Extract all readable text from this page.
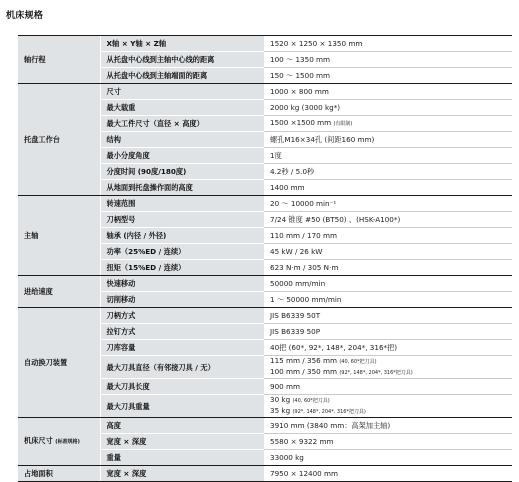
机床规格
轴行程	X轴 × Y轴 × Z轴	1520 × 1250 × 1350 mm

	从托盘中心线到主轴中心线的距离	100 ～ 1350 mm

	从托盘中心线到主轴端面的距离	150 ～ 1500 mm

托盘工作台	尺寸	1000 × 800 mm

	最大载重	2000 kg (3000 kg*)

	最大工件尺寸（直径 × 高度）	1500 ×1500 mm (有限制)

	结构	螺孔M16×34孔 (间距160 mm)

	最小分度角度	1度

	分度时间 (90度/180度)	4.2秒 / 5.0秒

	从地面到托盘操作面的高度	1400 mm

主轴	转速范围	20 ～ 10000 min⁻¹

	刀柄型号	7/24 锥度 #50 (BT50) 、(HSK-A100*)

	轴承 (内径 / 外径)	110 mm / 170 mm

	功率（25%ED / 连续）	45 kW / 26 kW

	扭矩（15%ED / 连续）	623 N·m / 305 N·m

进给速度	快速移动	50000 mm/min

	切削移动	1 ～ 50000 mm/min

自动换刀装置	刀柄方式	JIS B6339 50T

	拉钉方式	JIS B6339 50P

	刀库容量	40把 (60*, 92*, 148*, 204*, 316*把)

	最大刀具直径（有邻接刀具 / 无）	115 mm / 356 mm (40, 60*把刀具)
100 mm / 350 mm (92*, 148*, 204*, 316*把刀具)

	最大刀具长度	900 mm

	最大刀具重量	30 kg (40, 60*把刀具)
35 kg (92*, 148*, 204*, 316*把刀具)

机床尺寸 (标准规格)	高度	3910 mm (3840 mm：高架加主轴)

	宽度 × 深度	5580 × 9322 mm

	重量	33000 kg

占地面积	宽度 × 深度	7950 × 12400 mm
